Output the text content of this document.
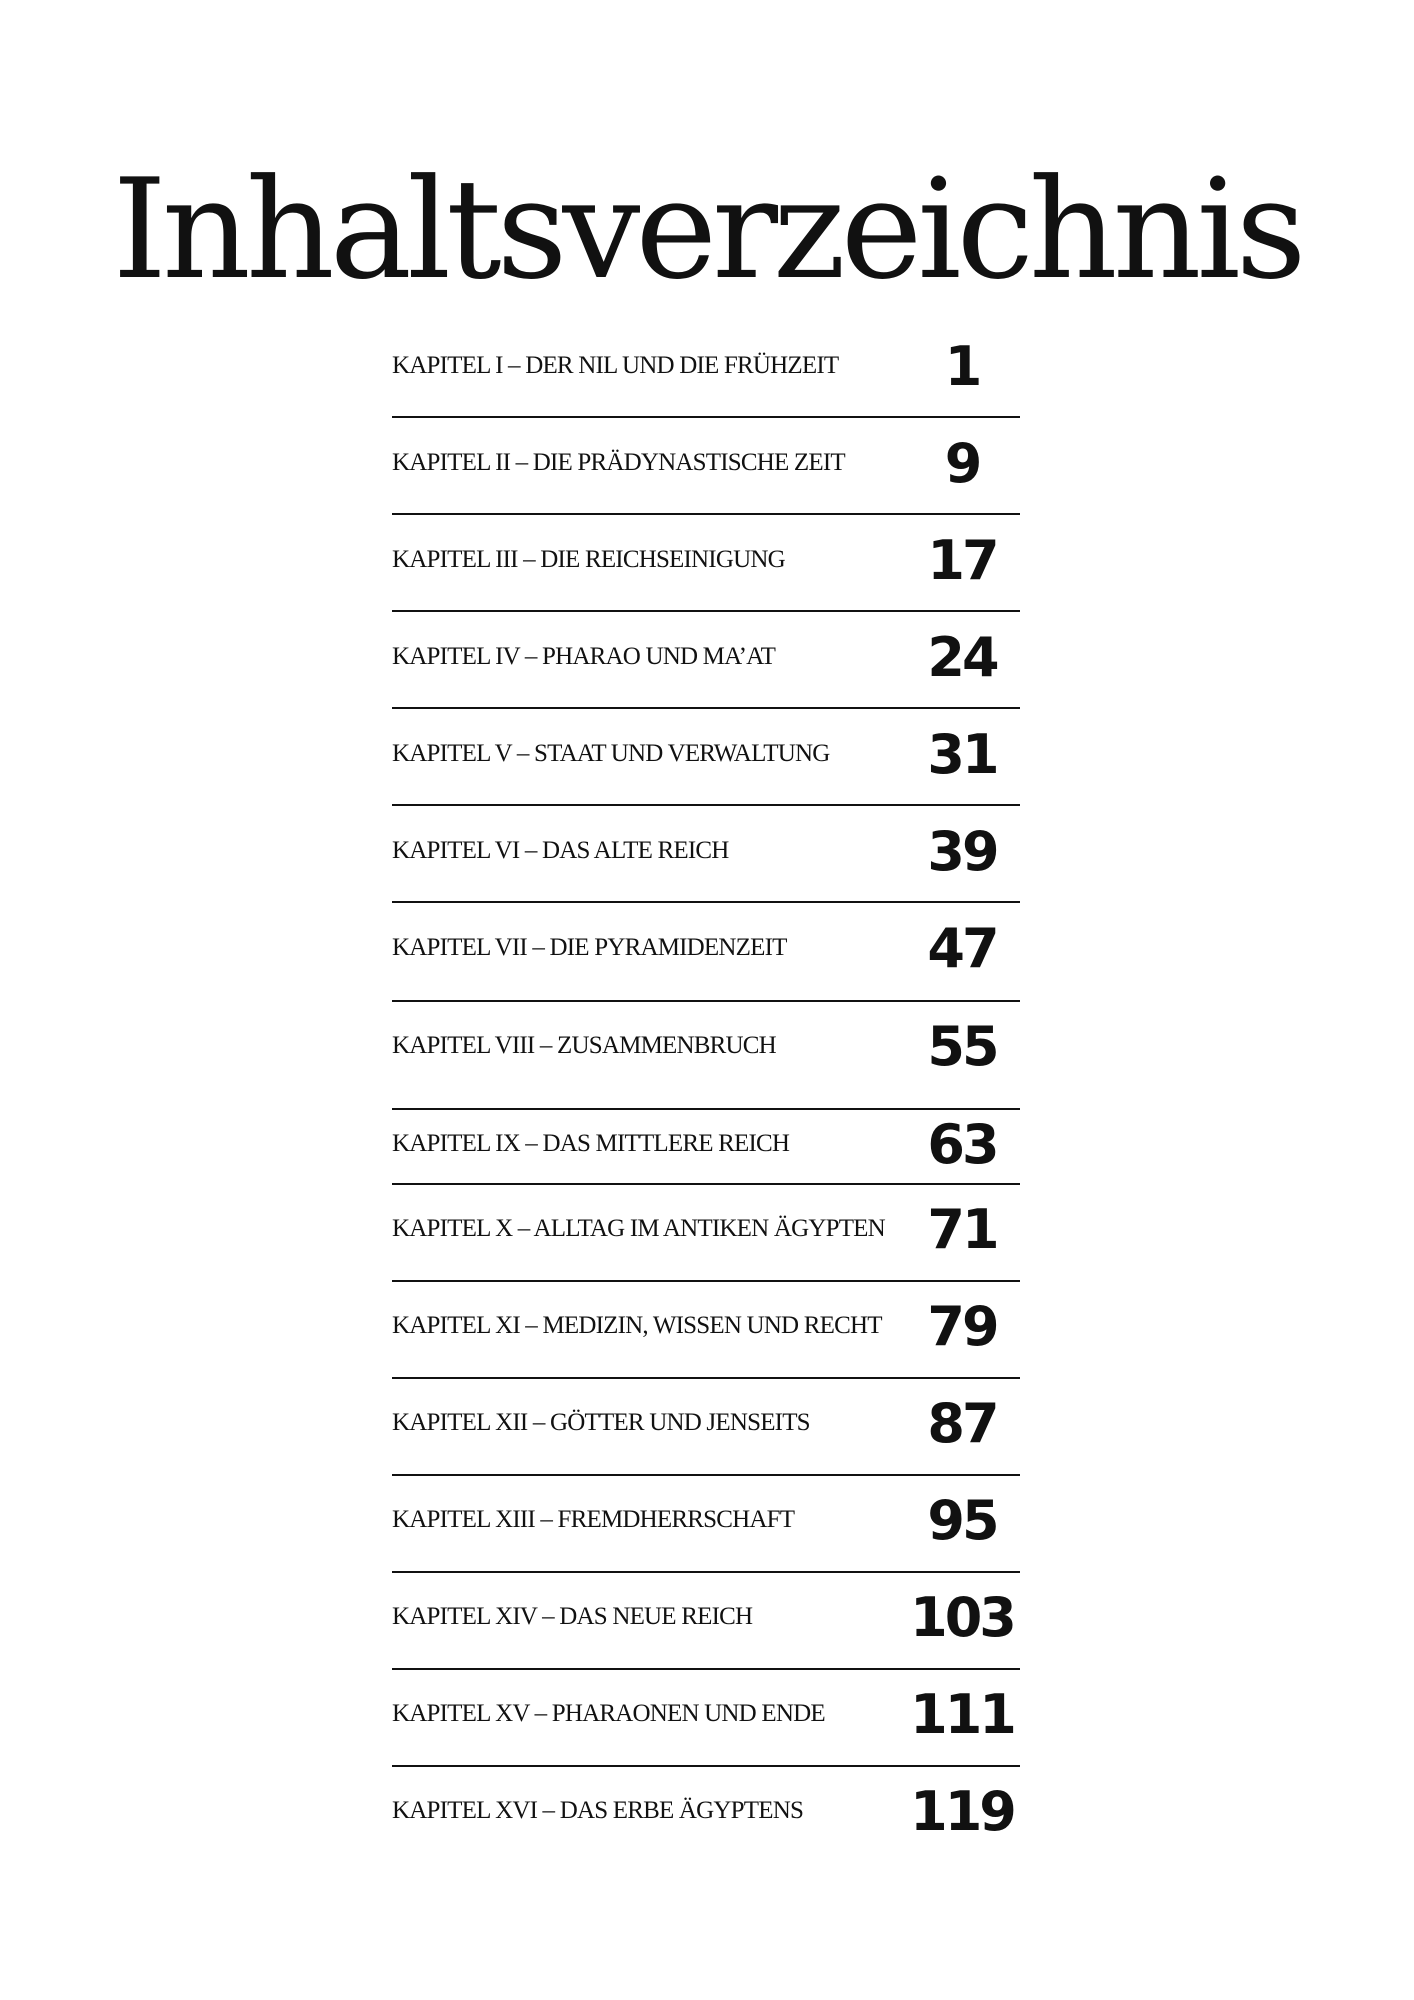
Inhaltsverzeichnis
KAPITEL I – DER NIL UND DIE FRÜHZEIT	1
KAPITEL II – DIE PRÄDYNASTISCHE ZEIT	9
KAPITEL III – DIE REICHSEINIGUNG	17
KAPITEL IV – PHARAO UND MA’AT	24
KAPITEL V – STAAT UND VERWALTUNG	31
KAPITEL VI – DAS ALTE REICH	39
KAPITEL VII – DIE PYRAMIDENZEIT	47
KAPITEL VIII – ZUSAMMENBRUCH	55
KAPITEL IX – DAS MITTLERE REICH	63
KAPITEL X – ALLTAG IM ANTIKEN ÄGYPTEN 71
KAPITEL XI – MEDIZIN, WISSEN UND RECHT 79
KAPITEL XII – GÖTTER UND JENSEITS	87
KAPITEL XIII – FREMDHERRSCHAFT	95
KAPITEL XIV – DAS NEUE REICH	103
KAPITEL XV – PHARAONEN UND ENDE	111
KAPITEL XVI – DAS ERBE ÄGYPTENS	119
